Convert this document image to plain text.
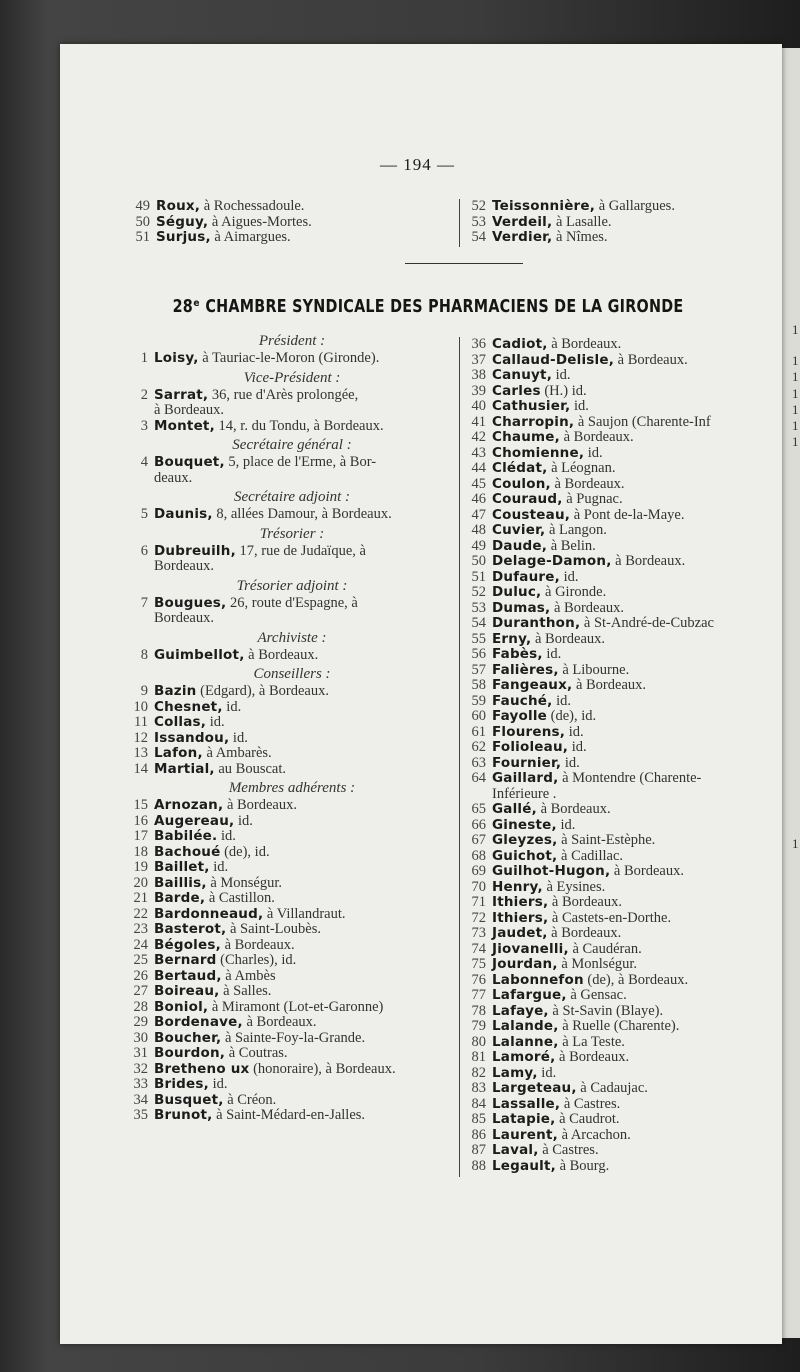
1
1
1
1
1
1
1
1
— 194 —
49 Roux, à Rochessadoule.
50 Séguy, à Aigues-Mortes.
51 Surjus, à Aimargues.
52 Teissonnière, à Gallargues.
53 Verdeil, à Lasalle.
54 Verdier, à Nîmes.
28ᵉ CHAMBRE SYNDICALE DES PHARMACIENS DE LA GIRONDE
Président :
1 Loisy, à Tauriac-le-Moron (Gironde).
Vice-Président :
2 Sarrat, 36, rue d'Arès prolongée,
à Bordeaux.
3 Montet, 14, r. du Tondu, à Bordeaux.
Secrétaire général :
4 Bouquet, 5, place de l'Erme, à Bor-
deaux.
Secrétaire adjoint :
5 Daunis, 8, allées Damour, à Bordeaux.
Trésorier :
6 Dubreuilh, 17, rue de Judaïque, à
Bordeaux.
Trésorier adjoint :
7 Bougues, 26, route d'Espagne, à
Bordeaux.
Archiviste :
8 Guimbellot, à Bordeaux.
Conseillers :
9 Bazin (Edgard), à Bordeaux.
10 Chesnet, id.
11 Collas, id.
12 Issandou, id.
13 Lafon, à Ambarès.
14 Martial, au Bouscat.
Membres adhérents :
15 Arnozan, à Bordeaux.
16 Augereau, id.
17 Babilée. id.
18 Bachoué (de), id.
19 Baillet, id.
20 Baillis, à Monségur.
21 Barde, à Castillon.
22 Bardonneaud, à Villandraut.
23 Basterot, à Saint-Loubès.
24 Bégoles, à Bordeaux.
25 Bernard (Charles), id.
26 Bertaud, à Ambès
27 Boireau, à Salles.
28 Boniol, à Miramont (Lot-et-Garonne)
29 Bordenave, à Bordeaux.
30 Boucher, à Sainte-Foy-la-Grande.
31 Bourdon, à Coutras.
32 Bretheno ux (honoraire), à Bordeaux.
33 Brides, id.
34 Busquet, à Créon.
35 Brunot, à Saint-Médard-en-Jalles.
36 Cadiot, à Bordeaux.
37 Callaud-Delisle, à Bordeaux.
38 Canuyt, id.
39 Carles (H.) id.
40 Cathusier, id.
41 Charropin, à Saujon (Charente-Inf
42 Chaume, à Bordeaux.
43 Chomienne, id.
44 Clédat, à Léognan.
45 Coulon, à Bordeaux.
46 Couraud, à Pugnac.
47 Cousteau, à Pont de-la-Maye.
48 Cuvier, à Langon.
49 Daude, à Belin.
50 Delage-Damon, à Bordeaux.
51 Dufaure, id.
52 Duluc, à Gironde.
53 Dumas, à Bordeaux.
54 Duranthon, à St-André-de-Cubzac
55 Erny, à Bordeaux.
56 Fabès, id.
57 Falières, à Libourne.
58 Fangeaux, à Bordeaux.
59 Fauché, id.
60 Fayolle (de), id.
61 Flourens, id.
62 Folioleau, id.
63 Fournier, id.
64 Gaillard, à Montendre (Charente-
Inférieure .
65 Gallé, à Bordeaux.
66 Gineste, id.
67 Gleyzes, à Saint-Estèphe.
68 Guichot, à Cadillac.
69 Guilhot-Hugon, à Bordeaux.
70 Henry, à Eysines.
71 Ithiers, à Bordeaux.
72 Ithiers, à Castets-en-Dorthe.
73 Jaudet, à Bordeaux.
74 Jiovanelli, à Caudéran.
75 Jourdan, à Monlségur.
76 Labonnefon (de), à Bordeaux.
77 Lafargue, à Gensac.
78 Lafaye, à St-Savin (Blaye).
79 Lalande, à Ruelle (Charente).
80 Lalanne, à La Teste.
81 Lamoré, à Bordeaux.
82 Lamy, id.
83 Largeteau, à Cadaujac.
84 Lassalle, à Castres.
85 Latapie, à Caudrot.
86 Laurent, à Arcachon.
87 Laval, à Castres.
88 Legault, à Bourg.
